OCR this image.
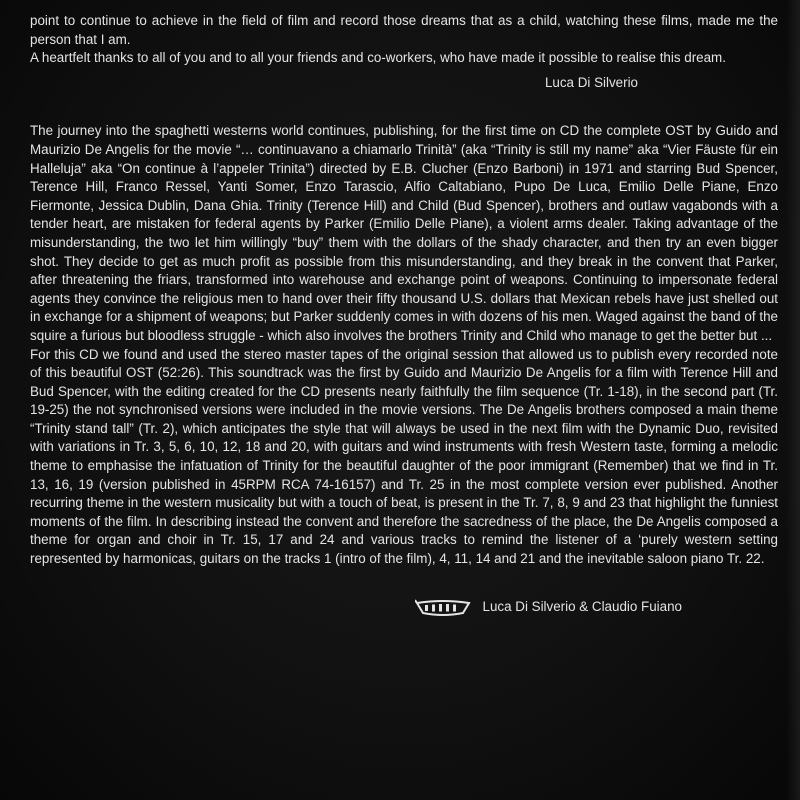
point to continue to achieve in the field of film and record those dreams that as a child, watching these films, made me the person that I am.

A heartfelt thanks to all of you and to all your friends and co-workers, who have made it possible to realise this dream.

Luca Di Silverio

The journey into the spaghetti westerns world continues, publishing, for the first time on CD the complete OST by Guido and Maurizio De Angelis for the movie “… continuavano a chiamarlo Trinità” (aka “Trinity is still my name” aka “Vier Fäuste für ein Halleluja” aka “On continue à l’appeler Trinita”) directed by E.B. Clucher (Enzo Barboni) in 1971 and starring Bud Spencer, Terence Hill, Franco Ressel, Yanti Somer, Enzo Tarascio, Alfio Caltabiano, Pupo De Luca, Emilio Delle Piane, Enzo Fiermonte, Jessica Dublin, Dana Ghia. Trinity (Terence Hill) and Child (Bud Spencer), brothers and outlaw vagabonds with a tender heart, are mistaken for federal agents by Parker (Emilio Delle Piane), a violent arms dealer. Taking advantage of the misunderstanding, the two let him willingly “buy” them with the dollars of the shady character, and then try an even bigger shot. They decide to get as much profit as possible from this misunderstanding, and they break in the convent that Parker, after threatening the friars, transformed into warehouse and exchange point of weapons. Continuing to impersonate federal agents they convince the religious men to hand over their fifty thousand U.S. dollars that Mexican rebels have just shelled out in exchange for a shipment of weapons; but Parker suddenly comes in with dozens of his men. Waged against the band of the squire a furious but bloodless struggle - which also involves the brothers Trinity and Child who manage to get the better but ...

For this CD we found and used the stereo master tapes of the original session that allowed us to publish every recorded note of this beautiful OST (52:26). This soundtrack was the first by Guido and Maurizio De Angelis for a film with Terence Hill and Bud Spencer, with the editing created for the CD presents nearly faithfully the film sequence (Tr. 1-18), in the second part (Tr. 19-25) the not synchronised versions were included in the movie versions. The De Angelis brothers composed a main theme “Trinity stand tall” (Tr. 2), which anticipates the style that will always be used in the next film with the Dynamic Duo, revisited with variations in Tr. 3, 5, 6, 10, 12, 18 and 20, with guitars and wind instruments with fresh Western taste, forming a melodic theme to emphasise the infatuation of Trinity for the beautiful daughter of the poor immigrant (Remember) that we find in Tr. 13, 16, 19 (version published in 45RPM RCA 74-16157) and Tr. 25 in the most complete version ever published. Another recurring theme in the western musicality but with a touch of beat, is present in the Tr. 7, 8, 9 and 23 that highlight the funniest moments of the film. In describing instead the convent and therefore the sacredness of the place, the De Angelis composed a theme for organ and choir in Tr. 15, 17 and 24 and various tracks to remind the listener of a ‘purely western setting represented by harmonicas, guitars on the tracks 1 (intro of the film), 4, 11, 14 and 21 and the inevitable saloon piano Tr. 22.

Luca Di Silverio & Claudio Fuiano
